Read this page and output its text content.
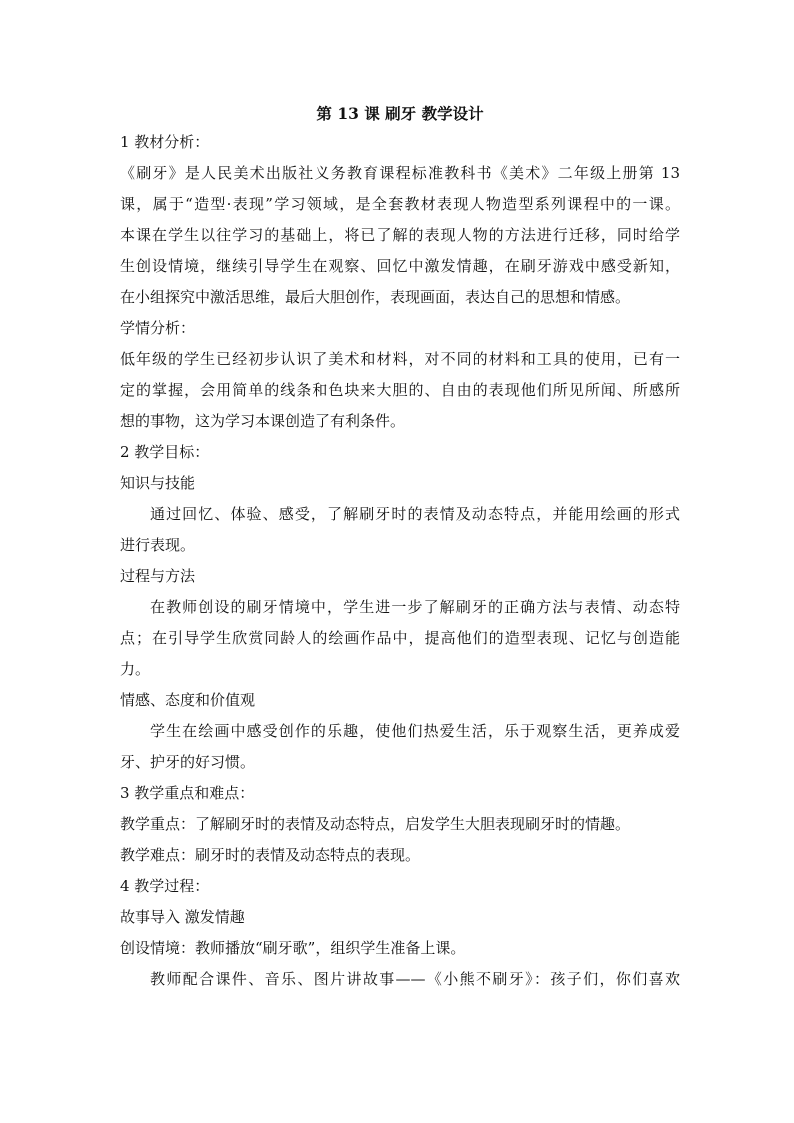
第 13 课 刷牙 教学设计
1 教材分析：
《刷牙》是人民美术出版社义务教育课程标准教科书《美术》二年级上册第 13
课，属于“造型·表现”学习领域，是全套教材表现人物造型系列课程中的一课。
本课在学生以往学习的基础上，将已了解的表现人物的方法进行迁移，同时给学
生创设情境，继续引导学生在观察、回忆中激发情趣，在刷牙游戏中感受新知，
在小组探究中激活思维，最后大胆创作，表现画面，表达自己的思想和情感。
学情分析：
低年级的学生已经初步认识了美术和材料，对不同的材料和工具的使用，已有一
定的掌握，会用简单的线条和色块来大胆的、自由的表现他们所见所闻、所感所
想的事物，这为学习本课创造了有利条件。
2 教学目标：
知识与技能
通过回忆、体验、感受，了解刷牙时的表情及动态特点，并能用绘画的形式
进行表现。
过程与方法
在教师创设的刷牙情境中，学生进一步了解刷牙的正确方法与表情、动态特
点；在引导学生欣赏同龄人的绘画作品中，提高他们的造型表现、记忆与创造能
力。
情感、态度和价值观
学生在绘画中感受创作的乐趣，使他们热爱生活，乐于观察生活，更养成爱
牙、护牙的好习惯。
3 教学重点和难点：
教学重点：了解刷牙时的表情及动态特点，启发学生大胆表现刷牙时的情趣。
教学难点：刷牙时的表情及动态特点的表现。
4 教学过程：
故事导入 激发情趣
创设情境：教师播放“刷牙歌”，组织学生准备上课。
教师配合课件、音乐、图片讲故事——《小熊不刷牙》：孩子们，你们喜欢
